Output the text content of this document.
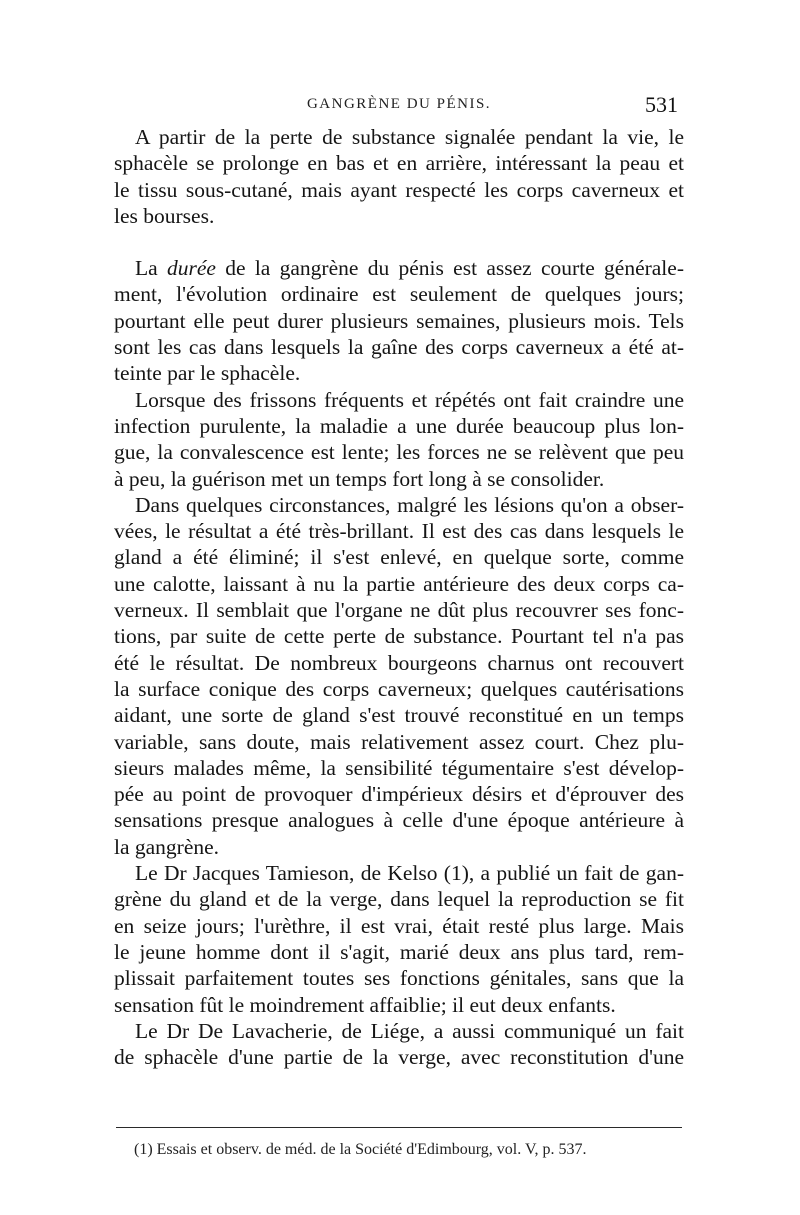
GANGRÈNE DU PÉNIS.	531

A partir de la perte de substance signalée pendant la vie, le
sphacèle se prolonge en bas et en arrière, intéressant la peau et
le tissu sous-cutané, mais ayant respecté les corps caverneux et
les bourses.

La durée de la gangrène du pénis est assez courte générale-
ment, l'évolution ordinaire est seulement de quelques jours;
pourtant elle peut durer plusieurs semaines, plusieurs mois. Tels
sont les cas dans lesquels la gaîne des corps caverneux a été at-
teinte par le sphacèle.

Lorsque des frissons fréquents et répétés ont fait craindre une
infection purulente, la maladie a une durée beaucoup plus lon-
gue, la convalescence est lente; les forces ne se relèvent que peu
à peu, la guérison met un temps fort long à se consolider.

Dans quelques circonstances, malgré les lésions qu'on a obser-
vées, le résultat a été très-brillant. Il est des cas dans lesquels le
gland a été éliminé; il s'est enlevé, en quelque sorte, comme
une calotte, laissant à nu la partie antérieure des deux corps ca-
verneux. Il semblait que l'organe ne dût plus recouvrer ses fonc-
tions, par suite de cette perte de substance. Pourtant tel n'a pas
été le résultat. De nombreux bourgeons charnus ont recouvert
la surface conique des corps caverneux; quelques cautérisations
aidant, une sorte de gland s'est trouvé reconstitué en un temps
variable, sans doute, mais relativement assez court. Chez plu-
sieurs malades même, la sensibilité tégumentaire s'est dévelop-
pée au point de provoquer d'impérieux désirs et d'éprouver des
sensations presque analogues à celle d'une époque antérieure à
la gangrène.

Le Dr Jacques Tamieson, de Kelso (1), a publié un fait de gan-
grène du gland et de la verge, dans lequel la reproduction se fit
en seize jours; l'urèthre, il est vrai, était resté plus large. Mais
le jeune homme dont il s'agit, marié deux ans plus tard, rem-
plissait parfaitement toutes ses fonctions génitales, sans que la
sensation fût le moindrement affaiblie; il eut deux enfants.

Le Dr De Lavacherie, de Liége, a aussi communiqué un fait
de sphacèle d'une partie de la verge, avec reconstitution d'une

(1) Essais et observ. de méd. de la Société d'Edimbourg, vol. V, p. 537.
